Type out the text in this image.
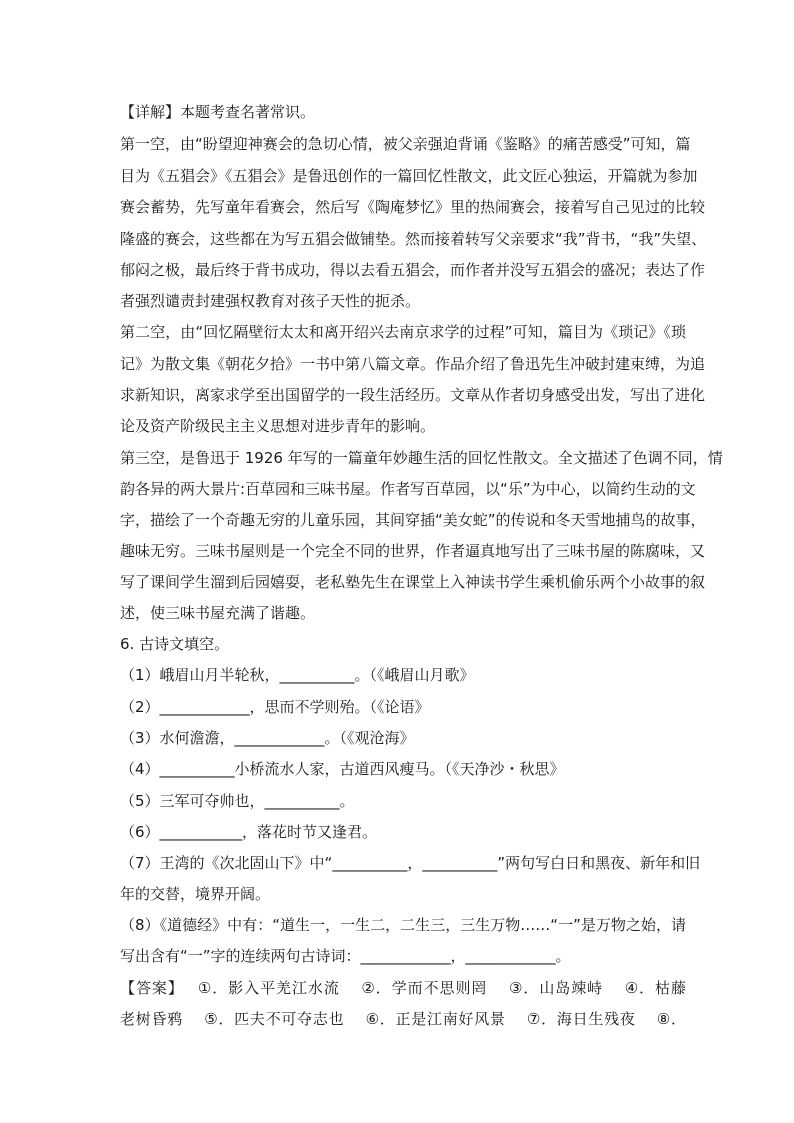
【详解】本题考查名著常识。
第一空，由“盼望迎神赛会的急切心情，被父亲强迫背诵《鉴略》的痛苦感受”可知，篇
目为《五猖会》《五猖会》是鲁迅创作的一篇回忆性散文，此文匠心独运，开篇就为参加
赛会蓄势，先写童年看赛会，然后写《陶庵梦忆》里的热闹赛会，接着写自己见过的比较
隆盛的赛会，这些都在为写五猖会做铺垫。然而接着转写父亲要求“我”背书，“我”失望、
郁闷之极，最后终于背书成功，得以去看五猖会，而作者并没写五猖会的盛况；表达了作
者强烈谴责封建强权教育对孩子天性的扼杀。
第二空，由“回忆隔壁衍太太和离开绍兴去南京求学的过程”可知，篇目为《琐记》《琐
记》为散文集《朝花夕拾》一书中第八篇文章。作品介绍了鲁迅先生冲破封建束缚，为追
求新知识，离家求学至出国留学的一段生活经历。文章从作者切身感受出发，写出了进化
论及资产阶级民主主义思想对进步青年的影响。
第三空，是鲁迅于 1926 年写的一篇童年妙趣生活的回忆性散文。全文描述了色调不同，情
韵各异的两大景片:百草园和三味书屋。作者写百草园，以“乐”为中心，以简约生动的文
字，描绘了一个奇趣无穷的儿童乐园，其间穿插“美女蛇”的传说和冬天雪地捕鸟的故事，
趣味无穷。三味书屋则是一个完全不同的世界，作者逼真地写出了三味书屋的陈腐味，又
写了课间学生溜到后园嬉耍，老私塾先生在课堂上入神读书学生乘机偷乐两个小故事的叙
述，使三味书屋充满了谐趣。
6. 古诗文填空。
（1）峨眉山月半轮秋，__________。（《峨眉山月歌》
（2）____________，思而不学则殆。（《论语》
（3）水何澹澹，____________。（《观沧海》
（4）__________小桥流水人家，古道西风瘦马。（《天净沙・秋思》
（5）三军可夺帅也，__________。
（6）___________，落花时节又逢君。
（7）王湾的《次北固山下》中“__________，__________”两句写白日和黑夜、新年和旧
年的交替，境界开阔。
（8）《道德经》中有：“道生一，一生二，二生三，三生万物……“一”是万物之始，请
写出含有“一”字的连续两句古诗词：____________，____________。
【答案】　 ①．影入平羌江水流　 ②．学而不思则罔　 ③．山岛竦峙　 ④．枯藤
老树昏鸦　 ⑤．匹夫不可夺志也　 ⑥．正是江南好风景　 ⑦．海日生残夜　 ⑧．
